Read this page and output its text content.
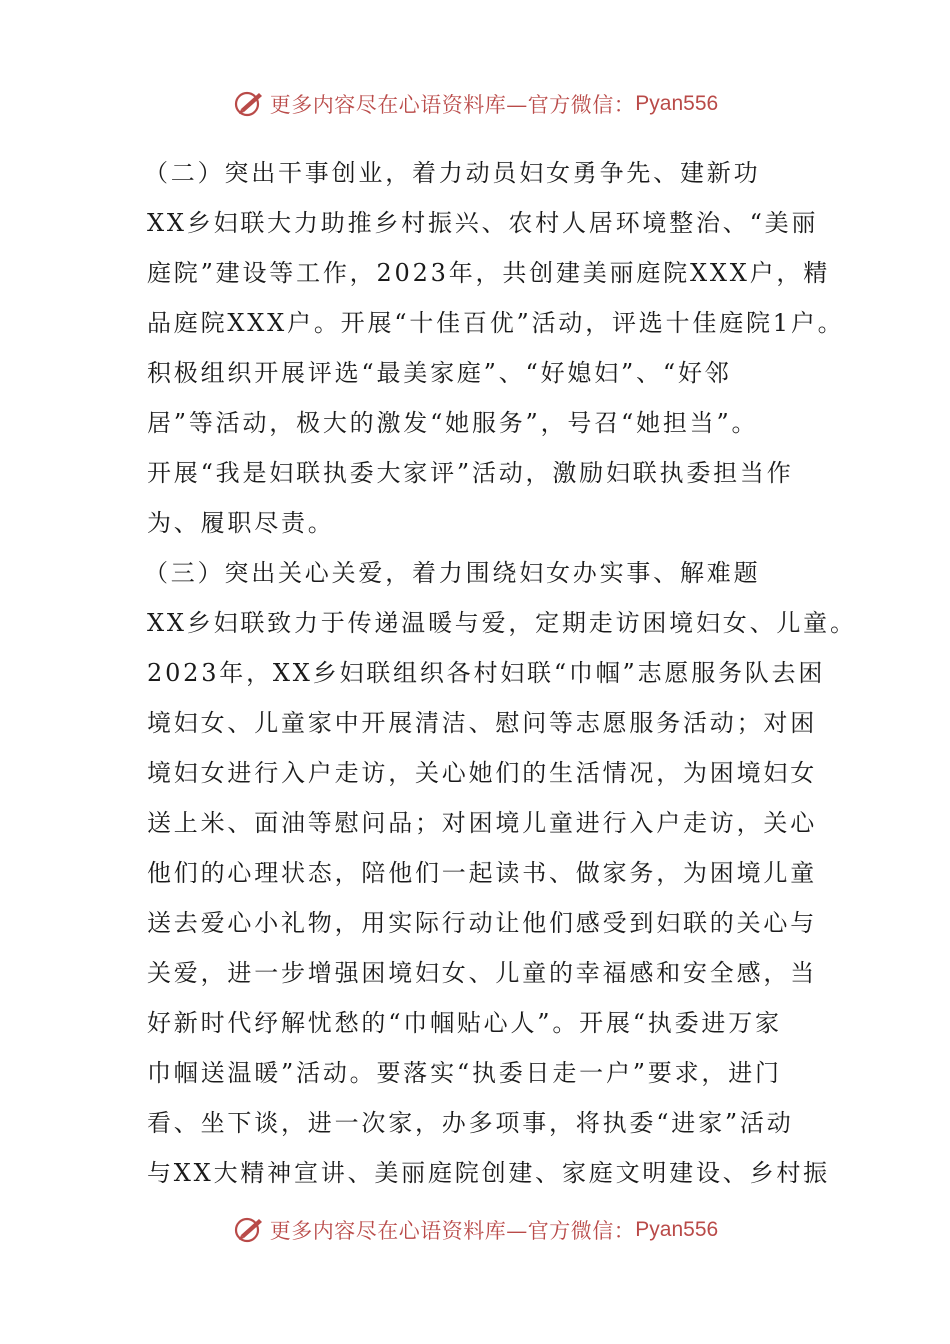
更多内容尽在心语资料库—官方微信： Pyan556
（二）突出干事创业，着力动员妇女勇争先、建新功
XX乡妇联大力助推乡村振兴、农村人居环境整治、“美丽
庭院”建设等工作，2023年，共创建美丽庭院XXX户，精
品庭院XXX户。开展“十佳百优”活动，评选十佳庭院1户。
积极组织开展评选“最美家庭”、“好媳妇”、“好邻
居”等活动，极大的激发“她服务”，号召“她担当”。
开展“我是妇联执委大家评”活动，激励妇联执委担当作
为、履职尽责。
（三）突出关心关爱，着力围绕妇女办实事、解难题
XX乡妇联致力于传递温暖与爱，定期走访困境妇女、儿童。
2023年，XX乡妇联组织各村妇联“巾帼”志愿服务队去困
境妇女、儿童家中开展清洁、慰问等志愿服务活动；对困
境妇女进行入户走访，关心她们的生活情况，为困境妇女
送上米、面油等慰问品；对困境儿童进行入户走访，关心
他们的心理状态，陪他们一起读书、做家务，为困境儿童
送去爱心小礼物，用实际行动让他们感受到妇联的关心与
关爱，进一步增强困境妇女、儿童的幸福感和安全感，当
好新时代纾解忧愁的“巾帼贴心人”。开展“执委进万家
巾帼送温暖”活动。要落实“执委日走一户”要求，进门
看、坐下谈，进一次家，办多项事，将执委“进家”活动
与XX大精神宣讲、美丽庭院创建、家庭文明建设、乡村振
更多内容尽在心语资料库—官方微信： Pyan556
